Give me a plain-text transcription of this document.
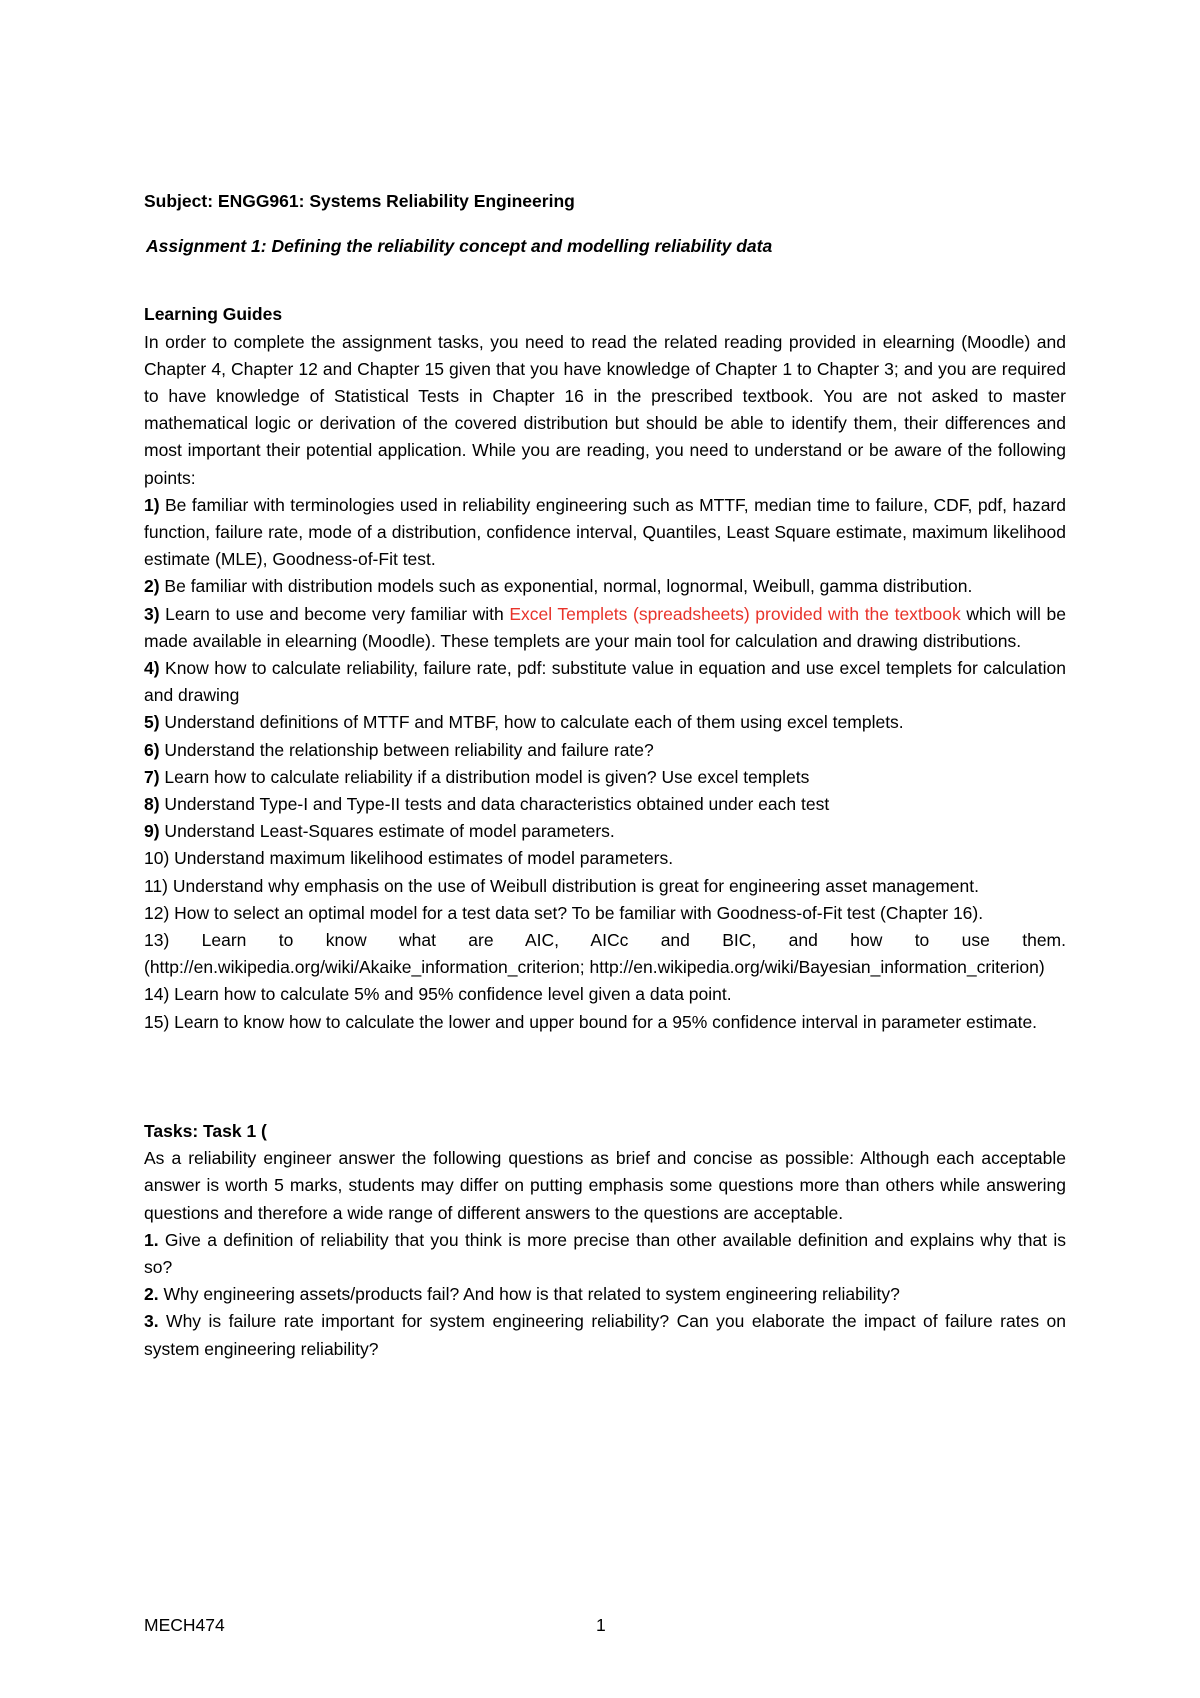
Subject: ENGG961: Systems Reliability Engineering

Assignment 1: Defining the reliability concept and modelling reliability data

Learning Guides

In order to complete the assignment tasks, you need to read the related reading provided in elearning (Moodle) and Chapter 4, Chapter 12 and Chapter 15 given that you have knowledge of Chapter 1 to Chapter 3; and you are required to have knowledge of Statistical Tests in Chapter 16 in the prescribed textbook. You are not asked to master mathematical logic or derivation of the covered distribution but should be able to identify them, their differences and most important their potential application. While you are reading, you need to understand or be aware of the following points:

1) Be familiar with terminologies used in reliability engineering such as MTTF, median time to failure, CDF, pdf, hazard function, failure rate, mode of a distribution, confidence interval, Quantiles, Least Square estimate, maximum likelihood estimate (MLE), Goodness-of-Fit test.

2) Be familiar with distribution models such as exponential, normal, lognormal, Weibull, gamma distribution.

3) Learn to use and become very familiar with Excel Templets (spreadsheets) provided with the textbook which will be made available in elearning (Moodle). These templets are your main tool for calculation and drawing distributions.

4) Know how to calculate reliability, failure rate, pdf: substitute value in equation and use excel templets for calculation and drawing

5) Understand definitions of MTTF and MTBF, how to calculate each of them using excel templets.

6) Understand the relationship between reliability and failure rate?

7) Learn how to calculate reliability if a distribution model is given? Use excel templets

8) Understand Type-I and Type-II tests and data characteristics obtained under each test

9) Understand Least-Squares estimate of model parameters.

10) Understand maximum likelihood estimates of model parameters.

11) Understand why emphasis on the use of Weibull distribution is great for engineering asset management.

12) How to select an optimal model for a test data set? To be familiar with Goodness-of-Fit test (Chapter 16).

13) Learn to know what are AIC, AICc and BIC, and how to use them. (http://en.wikipedia.org/wiki/Akaike_information_criterion; http://en.wikipedia.org/wiki/Bayesian_information_criterion)

14) Learn how to calculate 5% and 95% confidence level given a data point.

15) Learn to know how to calculate the lower and upper bound for a 95% confidence interval in parameter estimate.

Tasks: Task 1 (

As a reliability engineer answer the following questions as brief and concise as possible: Although each acceptable answer is worth 5 marks, students may differ on putting emphasis some questions more than others while answering questions and therefore a wide range of different answers to the questions are acceptable.

1. Give a definition of reliability that you think is more precise than other available definition and explains why that is so?

2. Why engineering assets/products fail? And how is that related to system engineering reliability?

3. Why is failure rate important for system engineering reliability? Can you elaborate the impact of failure rates on system engineering reliability?

MECH474	1
